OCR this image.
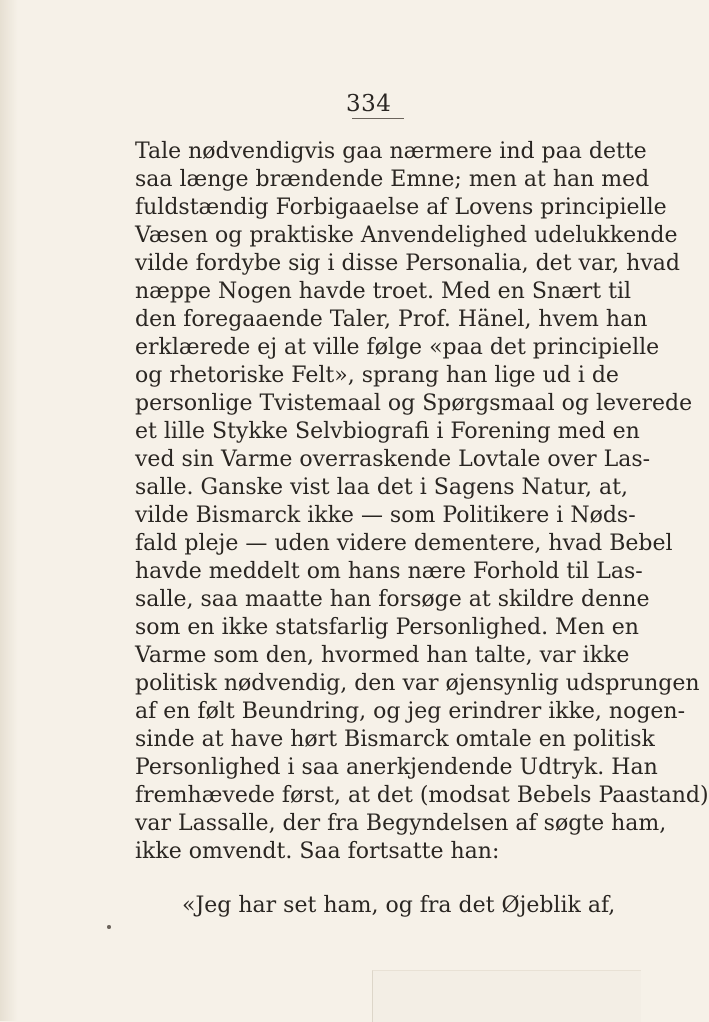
334
Tale nødvendigvis gaa nærmere ind paa dette
saa længe brændende Emne; men at han med
fuldstændig Forbigaaelse af Lovens principielle
Væsen og praktiske Anvendelighed udelukkende
vilde fordybe sig i disse Personalia, det var, hvad
næppe Nogen havde troet. Med en Snært til
den foregaaende Taler, Prof. Hänel, hvem han
erklærede ej at ville følge «paa det principielle
og rhetoriske Felt», sprang han lige ud i de
personlige Tvistemaal og Spørgsmaal og leverede
et lille Stykke Selvbiografi i Forening med en
ved sin Varme overraskende Lovtale over Las-
salle. Ganske vist laa det i Sagens Natur, at,
vilde Bismarck ikke — som Politikere i Nøds-
fald pleje — uden videre dementere, hvad Bebel
havde meddelt om hans nære Forhold til Las-
salle, saa maatte han forsøge at skildre denne
som en ikke statsfarlig Personlighed. Men en
Varme som den, hvormed han talte, var ikke
politisk nødvendig, den var øjensynlig udsprungen
af en følt Beundring, og jeg erindrer ikke, nogen-
sinde at have hørt Bismarck omtale en politisk
Personlighed i saa anerkjendende Udtryk. Han
fremhævede først, at det (modsat Bebels Paastand)
var Lassalle, der fra Begyndelsen af søgte ham,
ikke omvendt. Saa fortsatte han:
«Jeg har set ham, og fra det Øjeblik af,
